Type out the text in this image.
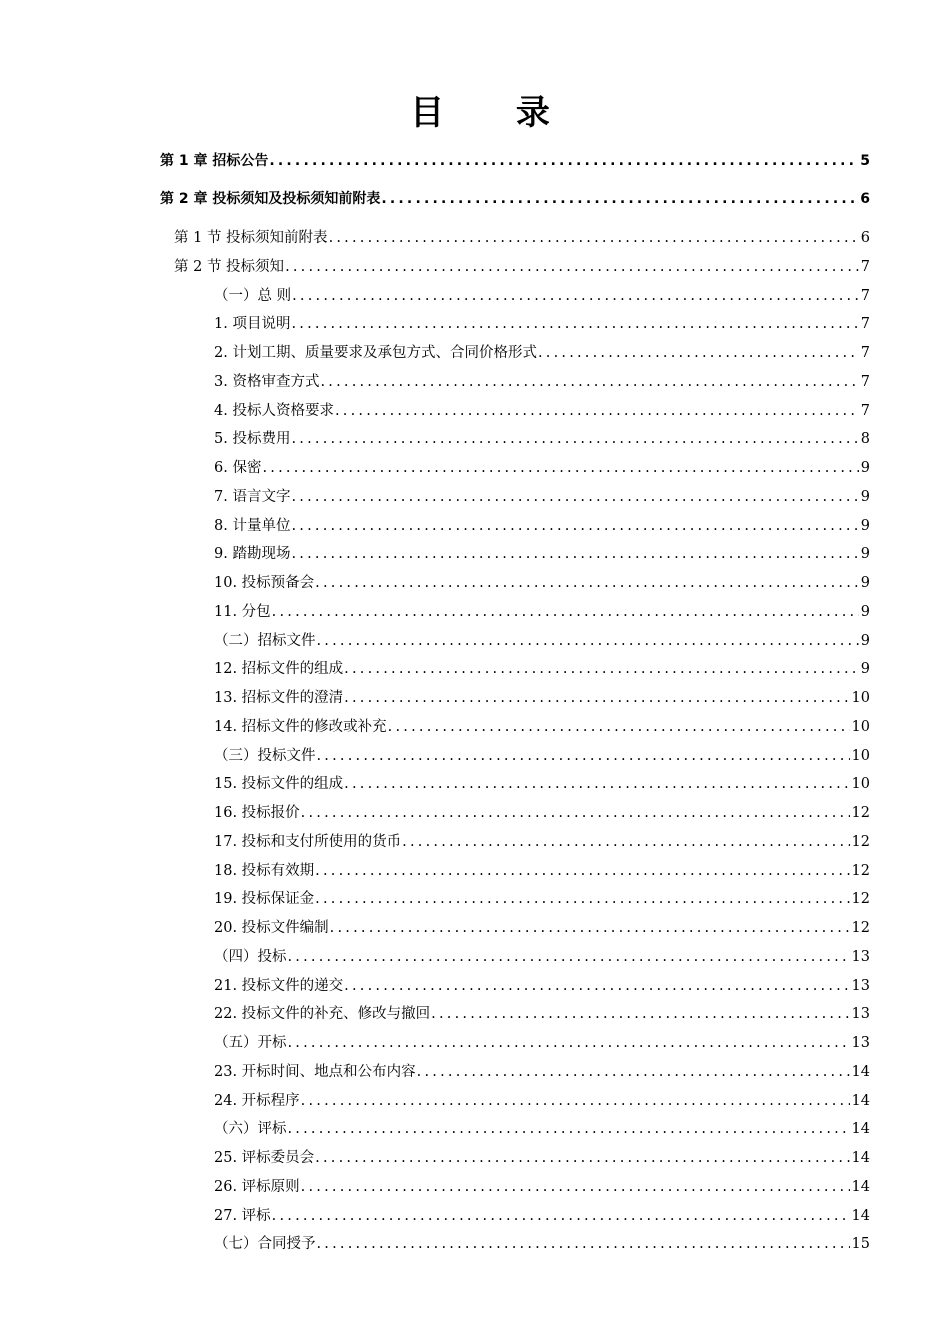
目 录
第 1 章 招标公告 .....	5
第 2 章 投标须知及投标须知前附表 .....	6
第 1 节 投标须知前附表 .....	6
第 2 节 投标须知 .....	7
（一）总 则 .....	7
1. 项目说明 .....	7
2. 计划工期、质量要求及承包方式、合同价格形式 .....	7
3. 资格审查方式 .....	7
4. 投标人资格要求 .....	7
5. 投标费用 .....	8
6. 保密 .....	9
7. 语言文字 .....	9
8. 计量单位 .....	9
9. 踏勘现场 .....	9
10. 投标预备会 .....	9
11. 分包 .....	9
（二）招标文件 .....	9
12. 招标文件的组成 .....	9
13. 招标文件的澄清 .....	10
14. 招标文件的修改或补充 .....	10
（三）投标文件 .....	10
15. 投标文件的组成 .....	10
16. 投标报价 .....	12
17. 投标和支付所使用的货币 .....	12
18. 投标有效期 .....	12
19. 投标保证金 .....	12
20. 投标文件编制 .....	12
（四）投标 .....	13
21. 投标文件的递交 .....	13
22. 投标文件的补充、修改与撤回 .....	13
（五）开标 .....	13
23. 开标时间、地点和公布内容 .....	14
24. 开标程序 .....	14
（六）评标 .....	14
25. 评标委员会 .....	14
26. 评标原则 .....	14
27. 评标 .....	14
（七）合同授予 .....	15
